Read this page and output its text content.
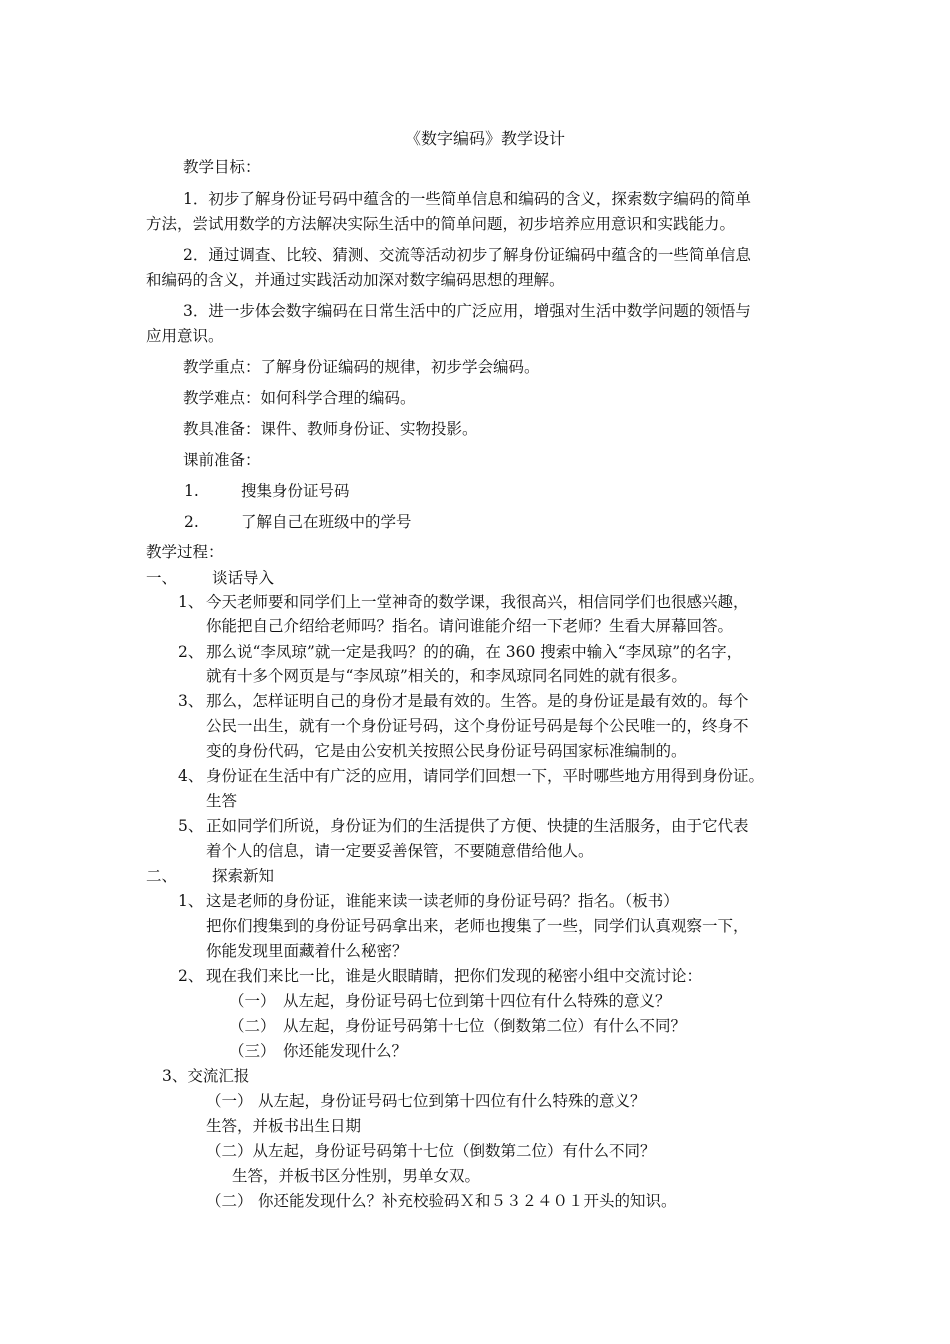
《数字编码》教学设计
教学目标：
1．初步了解身份证号码中蕴含的一些简单信息和编码的含义，探索数字编码的简单
方法，尝试用数学的方法解决实际生活中的简单问题，初步培养应用意识和实践能力。
2．通过调查、比较、猜测、交流等活动初步了解身份证编码中蕴含的一些简单信息
和编码的含义，并通过实践活动加深对数字编码思想的理解。
3．进一步体会数字编码在日常生活中的广泛应用，增强对生活中数学问题的领悟与
应用意识。
教学重点：了解身份证编码的规律，初步学会编码。
教学难点：如何科学合理的编码。
教具准备：课件、教师身份证、实物投影。
课前准备：
1.	搜集身份证号码
2.	了解自己在班级中的学号
教学过程：
一、 谈话导入
1、 今天老师要和同学们上一堂神奇的数学课，我很高兴，相信同学们也很感兴趣，
你能把自己介绍给老师吗？指名。请问谁能介绍一下老师？生看大屏幕回答。
2、 那么说“李凤琼”就一定是我吗？的的确，在 360 搜索中输入“李凤琼”的名字，
就有十多个网页是与“李凤琼”相关的，和李凤琼同名同姓的就有很多。
3、 那么，怎样证明自己的身份才是最有效的。生答。是的身份证是最有效的。每个
公民一出生，就有一个身份证号码，这个身份证号码是每个公民唯一的，终身不
变的身份代码，它是由公安机关按照公民身份证号码国家标准编制的。
4、 身份证在生活中有广泛的应用，请同学们回想一下，平时哪些地方用得到身份证。
生答
5、 正如同学们所说，身份证为们的生活提供了方便、快捷的生活服务，由于它代表
着个人的信息，请一定要妥善保管，不要随意借给他人。
二、 探索新知
1、 这是老师的身份证，谁能来读一读老师的身份证号码？指名。（板书）
把你们搜集到的身份证号码拿出来，老师也搜集了一些，同学们认真观察一下，
你能发现里面藏着什么秘密？
2、 现在我们来比一比，谁是火眼睛睛，把你们发现的秘密小组中交流讨论：
（一） 从左起，身份证号码七位到第十四位有什么特殊的意义？
（二） 从左起，身份证号码第十七位（倒数第二位）有什么不同？
（三） 你还能发现什么？
3、交流汇报
（一） 从左起，身份证号码七位到第十四位有什么特殊的意义？
生答，并板书出生日期
（二）从左起，身份证号码第十七位（倒数第二位）有什么不同？
生答，并板书区分性别，男单女双。
（二） 你还能发现什么？补充校验码Ｘ和５３２４０１开头的知识。
